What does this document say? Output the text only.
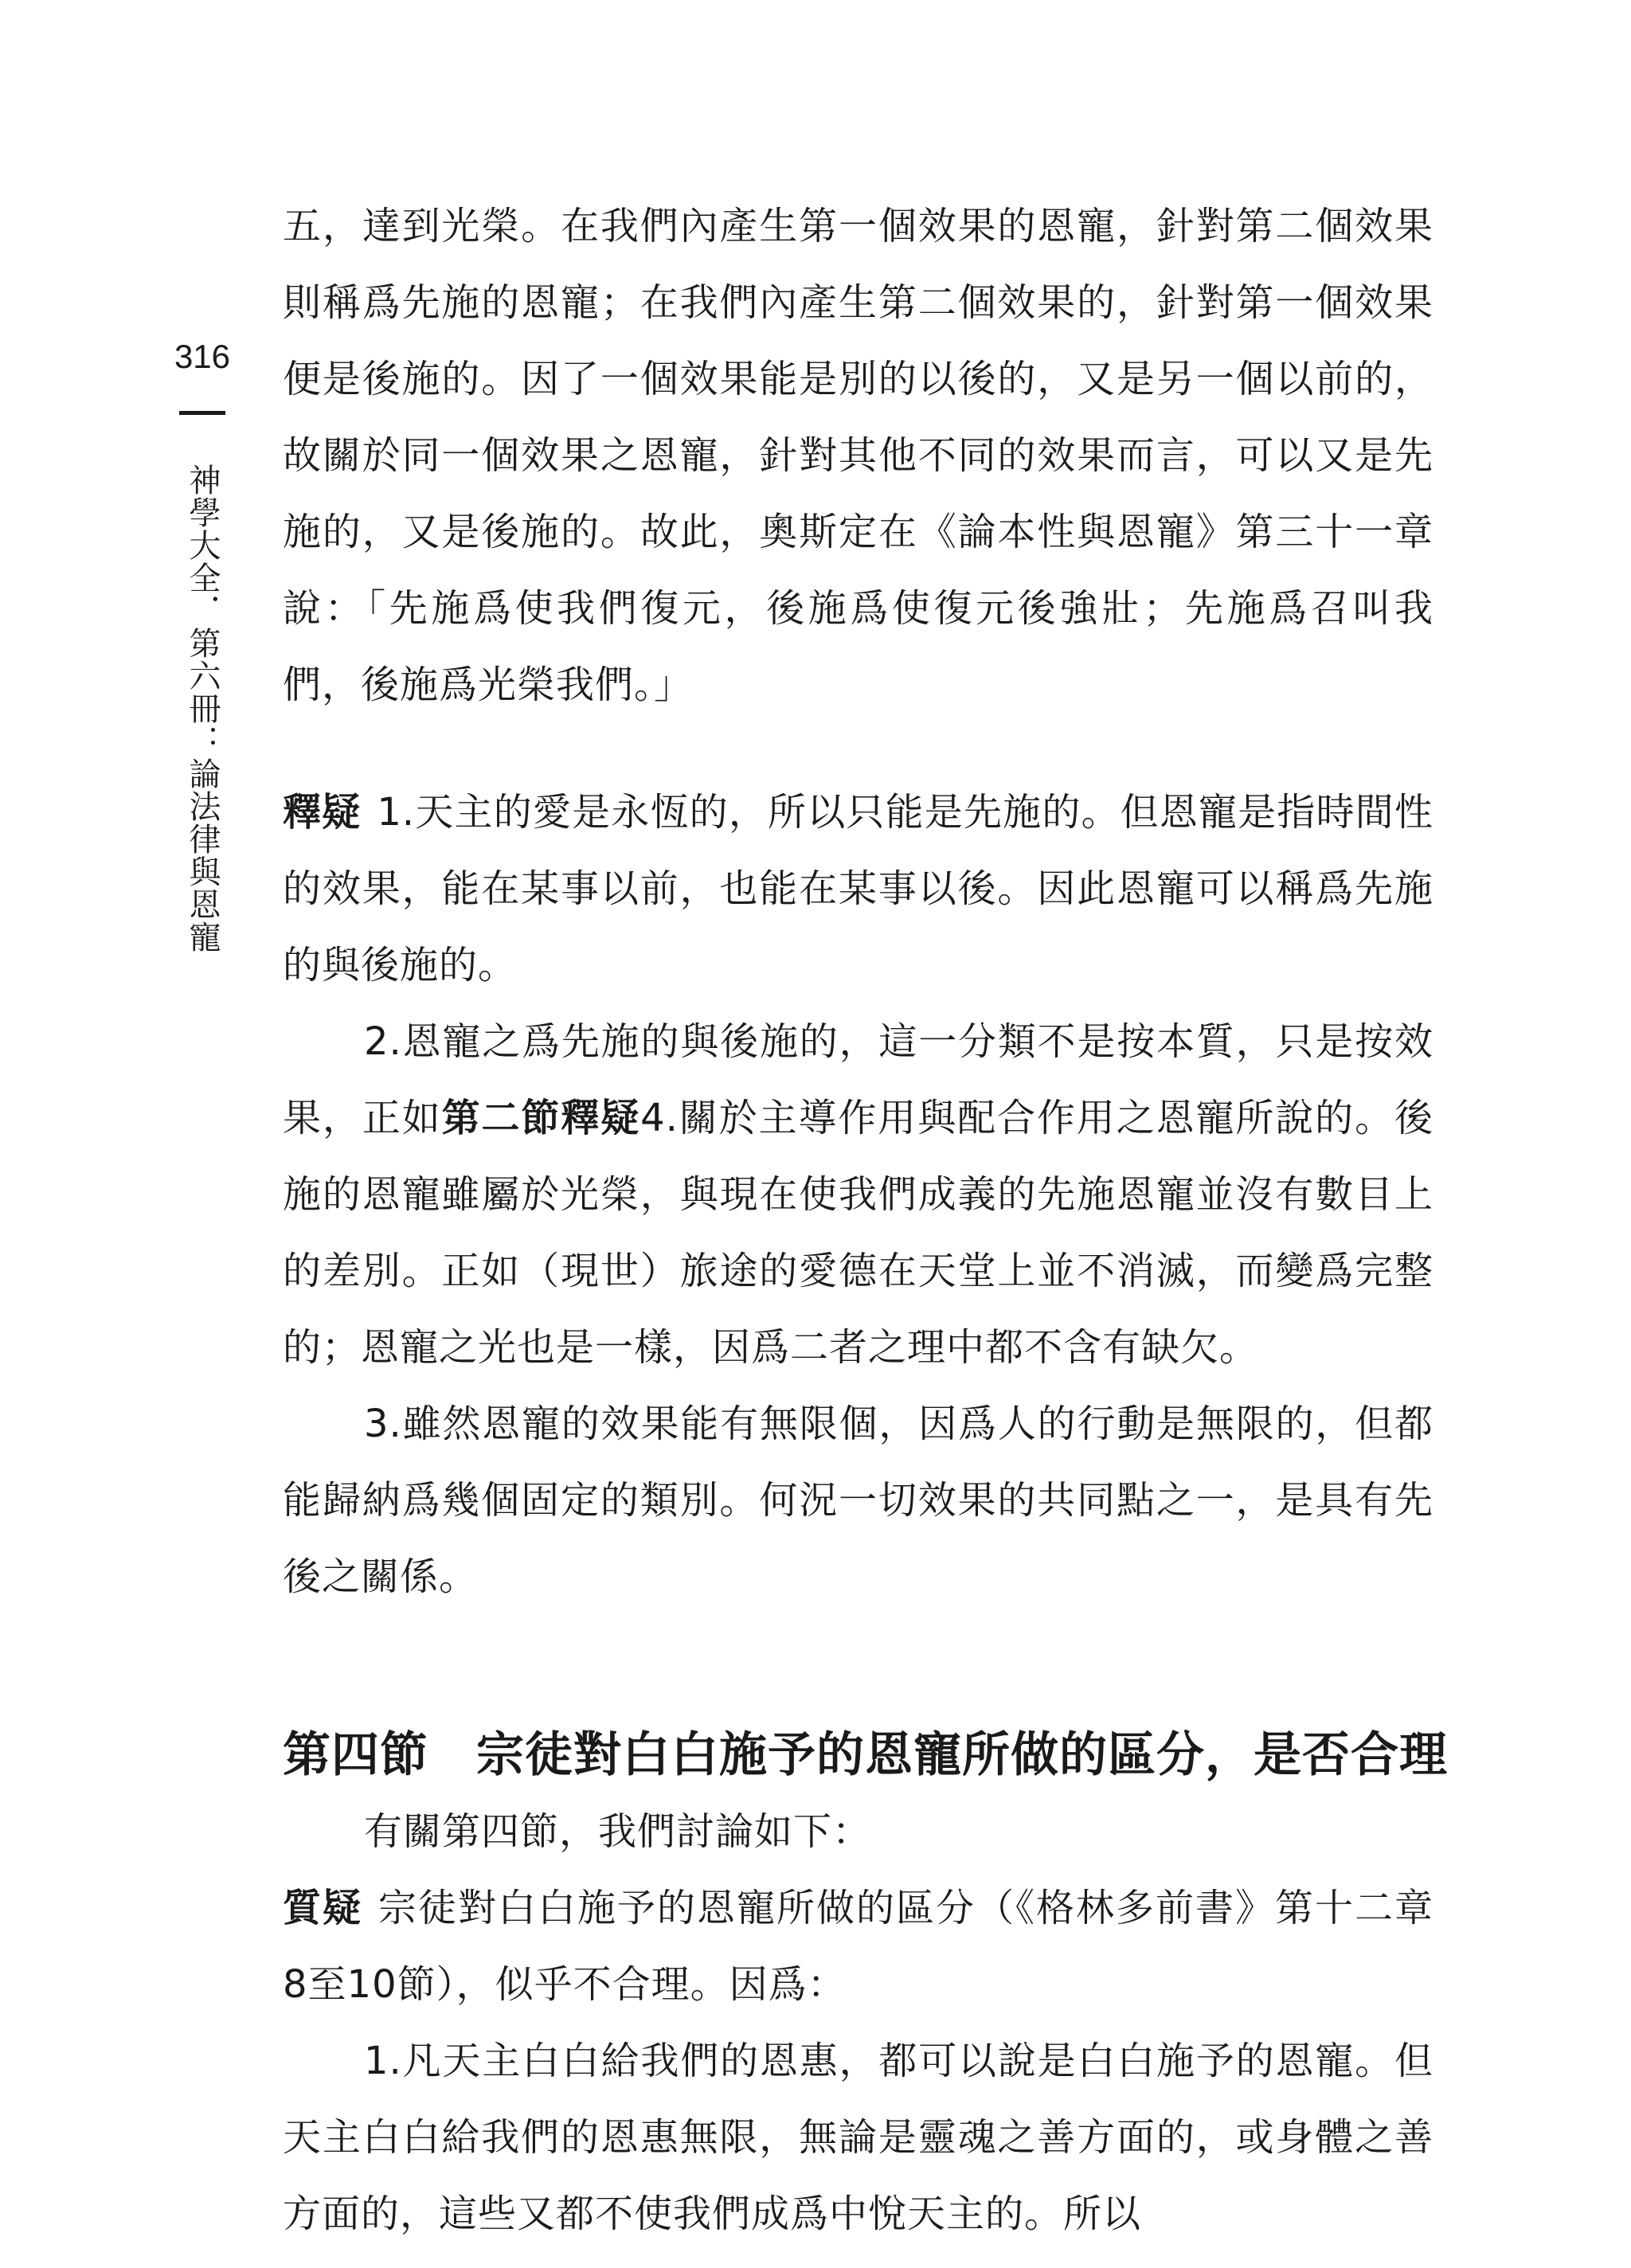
316
神學大全．第六冊：論法律與恩寵

五，達到光榮。在我們內產生第一個效果的恩寵，針對第二個效果則稱爲先施的恩寵；在我們內產生第二個效果的，針對第一個效果便是後施的。因了一個效果能是別的以後的，又是另一個以前的，故關於同一個效果之恩寵，針對其他不同的效果而言，可以又是先施的，又是後施的。故此，奧斯定在《論本性與恩寵》第三十一章說：「先施爲使我們復元，後施爲使復元後強壯；先施爲召叫我們，後施爲光榮我們。」

釋疑 1.天主的愛是永恆的，所以只能是先施的。但恩寵是指時間性的效果，能在某事以前，也能在某事以後。因此恩寵可以稱爲先施的與後施的。

2.恩寵之爲先施的與後施的，這一分類不是按本質，只是按效果，正如第二節釋疑4.關於主導作用與配合作用之恩寵所說的。後施的恩寵雖屬於光榮，與現在使我們成義的先施恩寵並沒有數目上的差別。正如（現世）旅途的愛德在天堂上並不消滅，而變爲完整的；恩寵之光也是一樣，因爲二者之理中都不含有缺欠。

3.雖然恩寵的效果能有無限個，因爲人的行動是無限的，但都能歸納爲幾個固定的類別。何況一切效果的共同點之一，是具有先後之關係。

第四節 宗徒對白白施予的恩寵所做的區分，是否合理

有關第四節，我們討論如下：

質疑 宗徒對白白施予的恩寵所做的區分（《格林多前書》第十二章8至10節），似乎不合理。因爲：

1.凡天主白白給我們的恩惠，都可以說是白白施予的恩寵。但天主白白給我們的恩惠無限，無論是靈魂之善方面的，或身體之善方面的，這些又都不使我們成爲中悅天主的。所以
